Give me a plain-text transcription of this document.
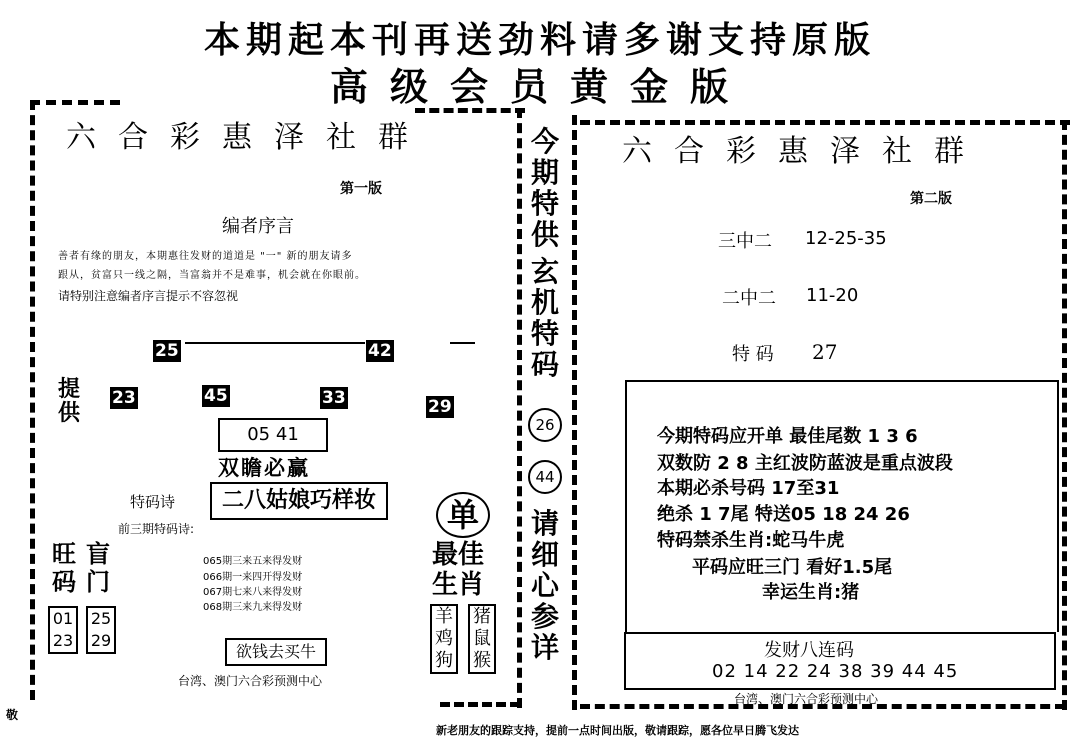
本期起本刊再送劲料请多谢支持原版
高级会员黄金版
六合彩惠泽社群
第一版
编者序言
善者有缘的朋友，本期惠往发财的道道是 "一" 新的朋友请多
跟从，贫富只一线之隔，当富翁并不是难事，机会就在你眼前。
请特别注意编者序言提示不容忽视
25	42
提供
23	45	33	29
05 41
双瞻必赢
特码诗	二八姑娘巧样妆
前三期特码诗:
旺码
盲门
065期三来五来得发财
066期一来四开得发财
067期七来八来得发财
068期三来九来得发财
01
23
25
29
欲钱去买牛
台湾、澳门六合彩预测中心
单
最佳生肖
羊鸡狗
猪鼠猴
今期特供
玄机特码
26
44
请细心参详
六合彩惠泽社群
第二版
三中二 12-25-35
二中二 11-20
特 码 27
今期特码应开单 最佳尾数 1 3 6
双数防 2 8 主红波防蓝波是重点波段
本期必杀号码 17至31
绝杀 1 7尾 特送05 18 24 26
特码禁杀生肖:蛇马牛虎
平码应旺三门 看好1.5尾
幸运生肖:猪
发财八连码
02 14 22 24 38 39 44 45
台湾、澳门六合彩预测中心
敬
新老朋友的跟踪支持，提前一点时间出版，敬请跟踪，愿各位早日腾飞发达
